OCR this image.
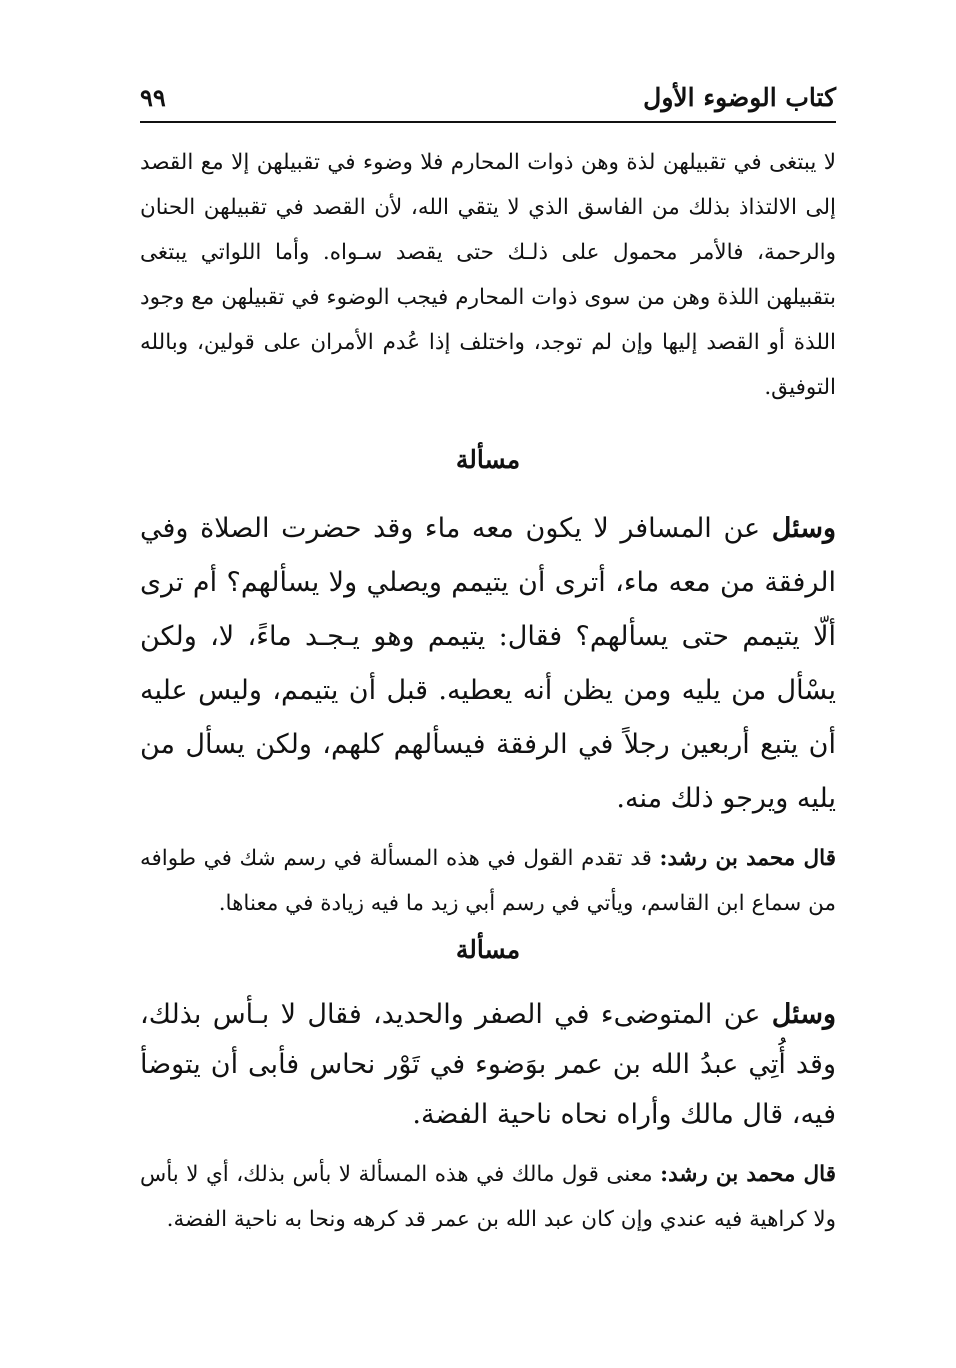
كتاب الوضوء الأول
٩٩

لا يبتغى في تقبيلهن لذة وهن ذوات المحارم فلا وضوء في تقبيلهن إلا مع القصد إلى الالتذاذ بذلك من الفاسق الذي لا يتقي الله، لأن القصد في تقبيلهن الحنان والرحمة، فالأمر محمول على ذلـك حتى يقصد سـواه. وأما اللواتي يبتغى بتقبيلهن اللذة وهن من سوى ذوات المحارم فيجب الوضوء في تقبيلهن مع وجود اللذة أو القصد إليها وإن لم توجد، واختلف إذا عُدم الأمران على قولين، وبالله التوفيق.

مسألة

وسئل عن المسافر لا يكون معه ماء وقد حضرت الصلاة وفي الرفقة من معه ماء، أترى أن يتيمم ويصلي ولا يسألهم؟ أم ترى ألّا يتيمم حتى يسألهم؟ فقال: يتيمم وهو يـجـد ماءً، لا، ولكن يسْأل من يليه ومن يظن أنه يعطيه. قبل أن يتيمم، وليس عليه أن يتبع أربعين رجلاً في الرفقة فيسألهم كلهم، ولكن يسأل من يليه ويرجو ذلك منه.

قال محمد بن رشد: قد تقدم القول في هذه المسألة في رسم شك في طوافه من سماع ابن القاسم، ويأتي في رسم أبي زيد ما فيه زيادة في معناها.

مسألة

وسئل عن المتوضىء في الصفر والحديد، فقال لا بـأس بذلك، وقد أُتِي عبدُ الله بن عمر بوَضوء في تَوْر نحاس فأبى أن يتوضأ فيه، قال مالك وأراه نحاه ناحية الفضة.

قال محمد بن رشد: معنى قول مالك في هذه المسألة لا بأس بذلك، أي لا بأس ولا كراهية فيه عندي وإن كان عبد الله بن عمر قد كرهه ونحا به ناحية الفضة.
